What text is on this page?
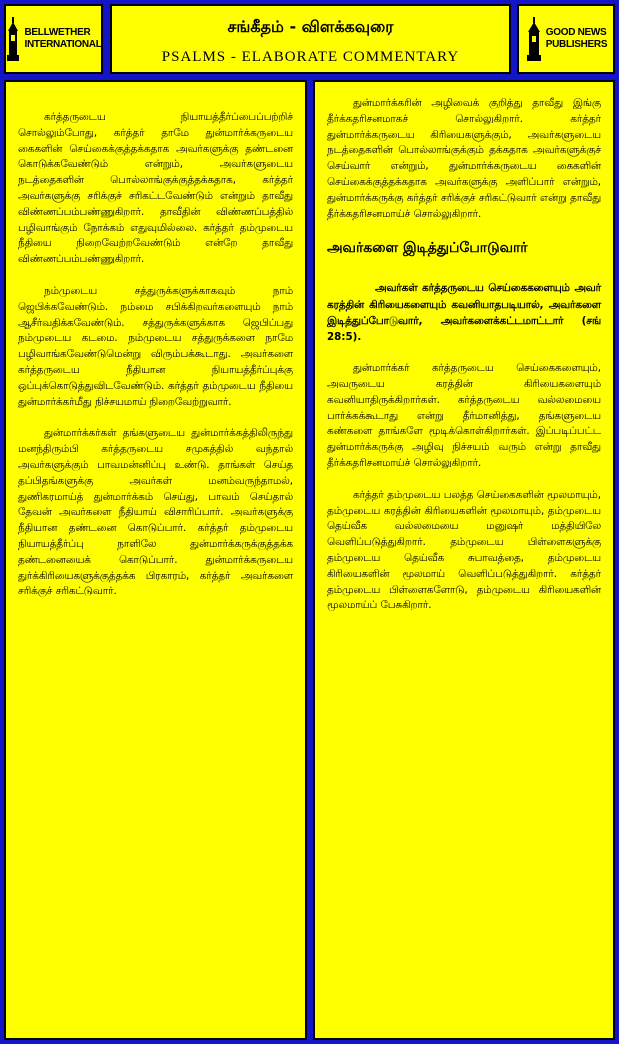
BELLWETHER
INTERNATIONAL
சங்கீதம் - விளக்கவுரை
PSALMS - ELABORATE COMMENTARY
GOOD NEWS
PUBLISHERS

கர்த்தருடைய நியாயத்தீர்ப்பைப்பற்றிச் சொல்லும்போது, கர்த்தர் தாமே துன்மார்க்கருடைய கைகளின் செய்கைக்குத்தக்கதாக அவர்களுக்கு தண்டனை கொடுக்கவேண்டும் என்றும், அவர்களுடைய நடத்தைகளின் பொல்லாங்குக்குத்தக்கதாக, கர்த்தர் அவர்களுக்கு சரிக்குச் சரிகட்டவேண்டும் என்றும் தாவீது விண்ணப்பம்பண்ணுகிறார். தாவீதின் விண்ணப்பத்தில் பழிவாங்கும் நோக்கம் எதுவுமில்லை. கர்த்தர் தம்முடைய நீதியை நிறைவேற்றவேண்டும் என்றே தாவீது விண்ணப்பம்பண்ணுகிறார்.

நம்முடைய சத்துருக்களுக்காகவும் நாம் ஜெபிக்கவேண்டும். நம்மை சபிக்கிறவர்களையும் நாம் ஆசீர்வதிக்கவேண்டும். சத்துருக்களுக்காக ஜெபிப்பது நம்முடைய கடமை. நம்முடைய சத்துருக்களை நாமே பழிவாங்கவேண்டுமென்று விரும்பக்கூடாது. அவர்களை கர்த்தருடைய நீதியான நியாயத்தீர்ப்புக்கு ஒப்புக்கொடுத்துவிடவேண்டும். கர்த்தர் தம்முடைய நீதியை துன்மார்க்கர்மீது நிச்சயமாய் நிறைவேற்றுவார்.

துன்மார்க்கர்கள் தங்களுடைய துன்மார்க்கத்திலிருந்து மனந்திரும்பி கர்த்தருடைய சமுகத்தில் வந்தால் அவர்களுக்கும் பாவமன்னிப்பு உண்டு. தாங்கள் செய்த தப்பிதங்களுக்கு அவர்கள் மனம்வருந்தாமல், துணிகரமாய்த் துன்மார்க்கம் செய்து, பாவம் செய்தால் தேவன் அவர்களை நீதியாய் விசாரிப்பார். அவர்களுக்கு நீதியான தண்டனை கொடுப்பார். கர்த்தர் தம்முடைய நியாயத்தீர்ப்பு நாளிலே துன்மார்க்கருக்குத்தக்க தண்டனையைக் கொடுப்பார். துன்மார்க்கருடைய துர்க்கிரியைகளுக்குத்தக்க பிரகாரம், கர்த்தர் அவர்களை சரிக்குச் சரிகட்டுவார்.

துன்மார்க்கரின் அழிவைக் குறித்து தாவீது இங்கு தீர்க்கதரிசனமாகச் சொல்லுகிறார். கர்த்தர் துன்மார்க்கருடைய கிரியைகளுக்கும், அவர்களுடைய நடத்தைகளின் பொல்லாங்குக்கும் தக்கதாக அவர்களுக்குச் செய்வார் என்றும், துன்மார்க்கருடைய கைகளின் செய்கைக்குத்தக்கதாக அவர்களுக்கு அளிப்பார் என்றும், துன்மார்க்கருக்கு கர்த்தர் சரிக்குச் சரிகட்டுவார் என்று தாவீது தீர்க்கதரிசனமாய்ச் சொல்லுகிறார்.

அவர்களை இடித்துப்போடுவார்

அவர்கள் கர்த்தருடைய செய்கைகளையும் அவர் கரத்தின் கிரியைகளையும் கவனியாதபடியால், அவர்களை இடித்துப்போடுவார், அவர்களைக்கட்டமாட்டார் (சங் 28:5).

துன்மார்க்கர் கர்த்தருடைய செய்கைகளையும், அவருடைய கரத்தின் கிரியைகளையும் கவனியாதிருக்கிறார்கள். கர்த்தருடைய வல்லமையை பார்க்கக்கூடாது என்று தீர்மானித்து, தங்களுடைய கண்களை தாங்களே மூடிக்கொள்கிறார்கள். இப்படிப்பட்ட துன்மார்க்கருக்கு அழிவு நிச்சயம் வரும் என்று தாவீது தீர்க்கதரிசனமாய்ச் சொல்லுகிறார்.

கர்த்தர் தம்முடைய பலத்த செய்கைகளின் மூலமாயும், தம்முடைய கரத்தின் கிரியைகளின் மூலமாயும், தம்முடைய தெய்வீக வல்லமையை மனுஷர் மத்தியிலே வெளிப்படுத்துகிறார். தம்முடைய பிள்ளைகளுக்கு தம்முடைய தெய்வீக சுபாவத்தை, தம்முடைய கிரியைகளின் மூலமாய் வெளிப்படுத்துகிறார். கர்த்தர் தம்முடைய பிள்ளைகளோடு, தம்முடைய கிரியைகளின் மூலமாய்ப் பேசுகிறார்.
